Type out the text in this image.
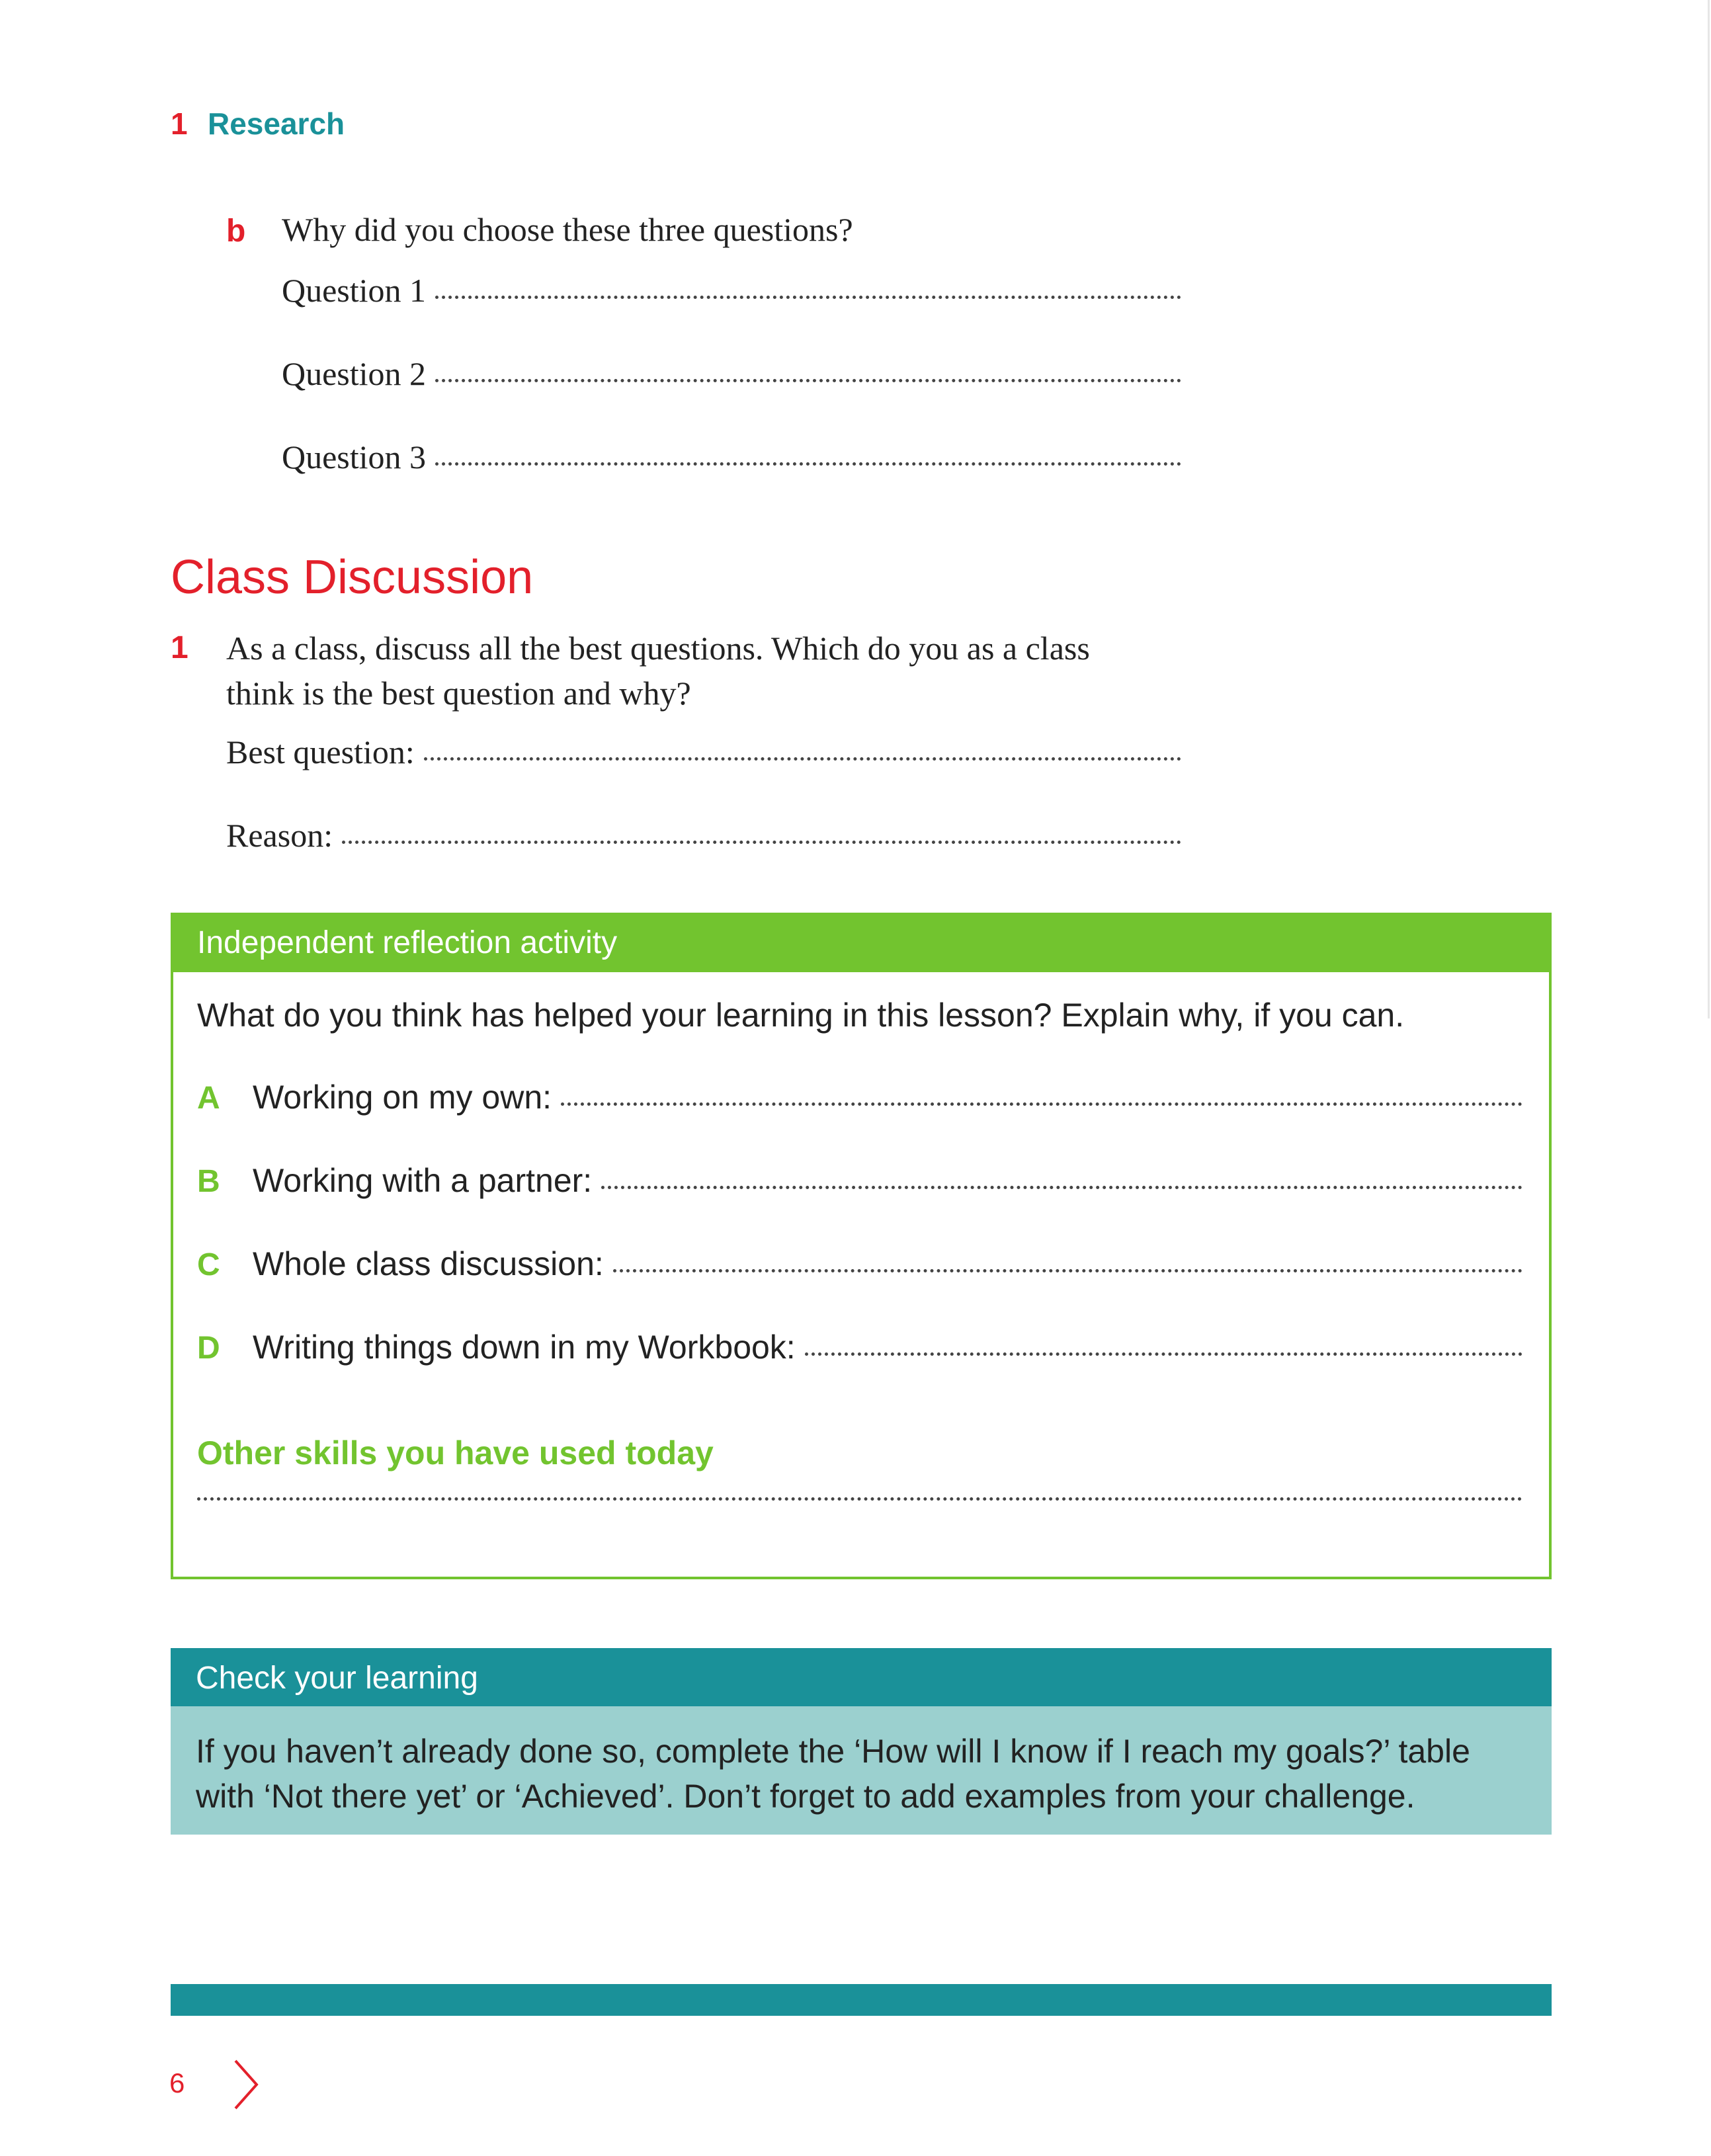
1 Research
b Why did you choose these three questions?
Question 1
Question 2
Question 3
Class Discussion
1 As a class, discuss all the best questions. Which do you as a class
think is the best question and why?
Best question:
Reason:
Independent reflection activity
What do you think has helped your learning in this lesson? Explain why, if you can.
A Working on my own:
B Working with a partner:
C Whole class discussion:
D Writing things down in my Workbook:
Other skills you have used today
Check your learning
If you haven’t already done so, complete the ‘How will I know if I reach my goals?’ table
with ‘Not there yet’ or ‘Achieved’. Don’t forget to add examples from your challenge.
6
